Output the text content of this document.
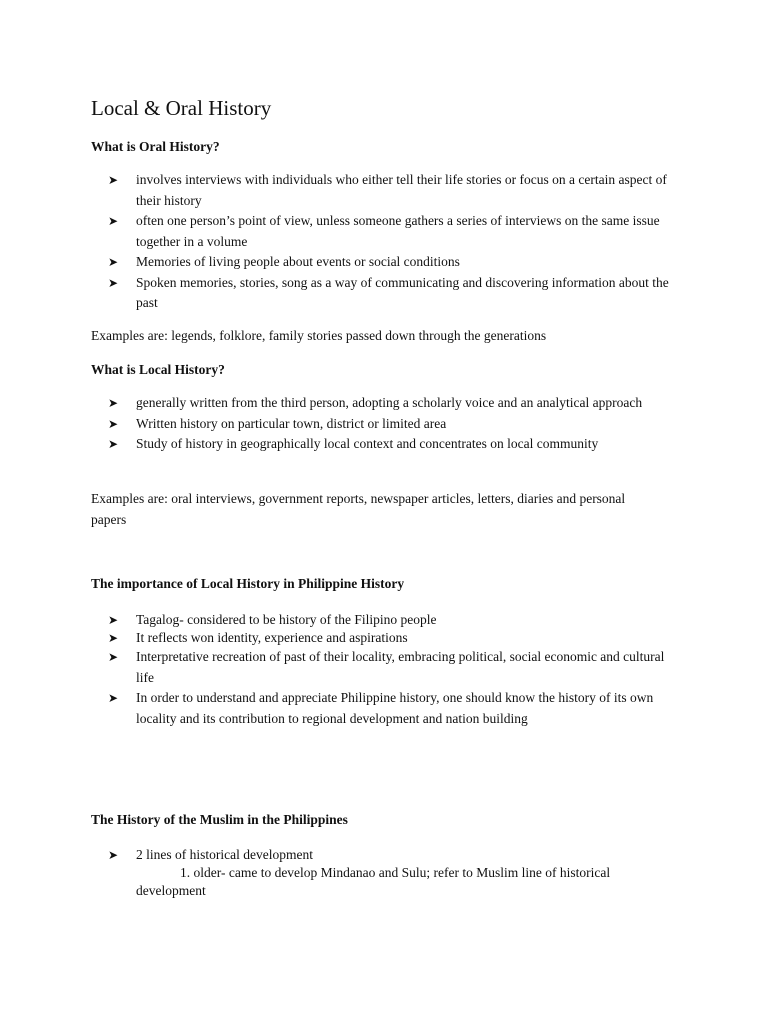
Local & Oral History
What is Oral History?
➤ involves interviews with individuals who either tell their life stories or focus on a certain aspect of their history
➤ often one person’s point of view, unless someone gathers a series of interviews on the same issue together in a volume
➤ Memories of living people about events or social conditions
➤ Spoken memories, stories, song as a way of communicating and discovering information about the past
Examples are: legends, folklore, family stories passed down through the generations
What is Local History?
➤ generally written from the third person, adopting a scholarly voice and an analytical approach
➤ Written history on particular town, district or limited area
➤ Study of history in geographically local context and concentrates on local community
Examples are: oral interviews, government reports, newspaper articles, letters, diaries and personal papers
The importance of Local History in Philippine History
➤ Tagalog- considered to be history of the Filipino people
➤ It reflects won identity, experience and aspirations
➤ Interpretative recreation of past of their locality, embracing political, social economic and cultural life
➤ In order to understand and appreciate Philippine history, one should know the history of its own locality and its contribution to regional development and nation building
The History of the Muslim in the Philippines
➤ 2 lines of historical development
1. older- came to develop Mindanao and Sulu; refer to Muslim line of historical development
